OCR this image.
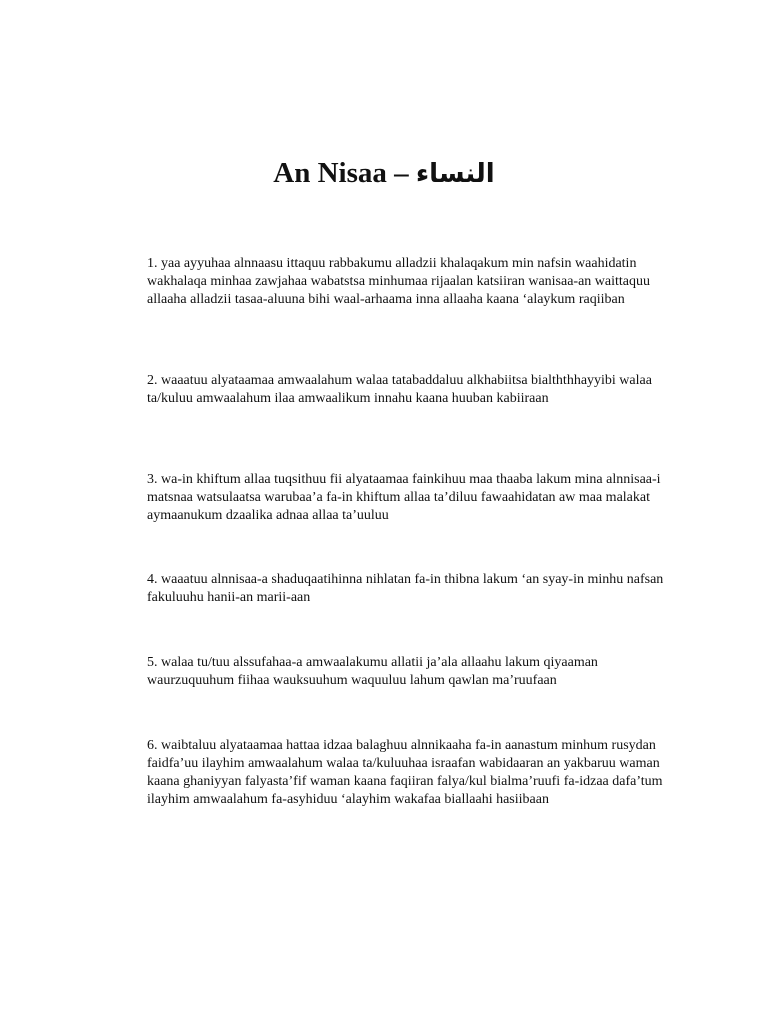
An Nisaa – النساء
1. yaa ayyuhaa alnnaasu ittaquu rabbakumu alladzii khalaqakum min nafsin waahidatin wakhalaqa minhaa zawjahaa wabatstsa minhumaa rijaalan katsiiran wanisaa-an waittaquu allaaha alladzii tasaa-aluuna bihi waal-arhaama inna allaaha kaana ‘alaykum raqiiban
2. waaatuu alyataamaa amwaalahum walaa tatabaddaluu alkhabiitsa bialththhayyibi walaa ta/kuluu amwaalahum ilaa amwaalikum innahu kaana huuban kabiiraan
3. wa-in khiftum allaa tuqsithuu fii alyataamaa fainkihuu maa thaaba lakum mina alnnisaa-i matsnaa watsulaatsa warubaa’a fa-in khiftum allaa ta’diluu fawaahidatan aw maa malakat aymaanukum dzaalika adnaa allaa ta’uuluu
4. waaatuu alnnisaa-a shaduqaatihinna nihlatan fa-in thibna lakum ‘an syay-in minhu nafsan fakuluuhu hanii-an marii-aan
5. walaa tu/tuu alssufahaa-a amwaalakumu allatii ja’ala allaahu lakum qiyaaman waurzuquuhum fiihaa wauksuuhum waquuluu lahum qawlan ma’ruufaan
6. waibtaluu alyataamaa hattaa idzaa balaghuu alnnikaaha fa-in aanastum minhum rusydan faidfa’uu ilayhim amwaalahum walaa ta/kuluuhaa israafan wabidaaran an yakbaruu waman kaana ghaniyyan falyasta’fif waman kaana faqiiran falya/kul bialma’ruufi fa-idzaa dafa’tum ilayhim amwaalahum fa-asyhiduu ‘alayhim wakafaa biallaahi hasiibaan
